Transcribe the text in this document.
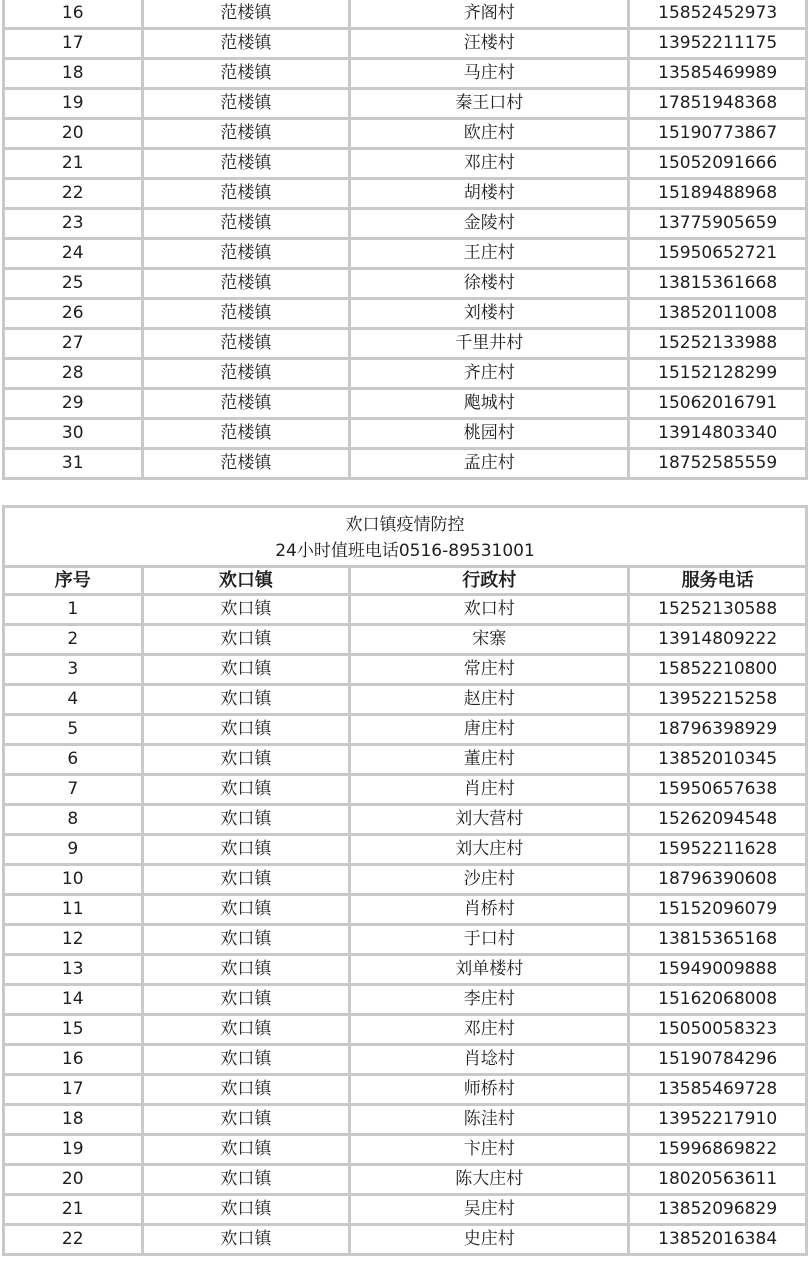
16	范楼镇	齐阁村	15852452973
17	范楼镇	汪楼村	13952211175
18	范楼镇	马庄村	13585469989
19	范楼镇	秦王口村	17851948368
20	范楼镇	欧庄村	15190773867
21	范楼镇	邓庄村	15052091666
22	范楼镇	胡楼村	15189488968
23	范楼镇	金陵村	13775905659
24	范楼镇	王庄村	15950652721
25	范楼镇	徐楼村	13815361668
26	范楼镇	刘楼村	13852011008
27	范楼镇	千里井村	15252133988
28	范楼镇	齐庄村	15152128299
29	范楼镇	飑城村	15062016791
30	范楼镇	桃园村	13914803340
31	范楼镇	孟庄村	18752585559
欢口镇疫情防控
24小时值班电话0516-89531001			

序号	欢口镇	行政村	服务电话
1	欢口镇	欢口村	15252130588
2	欢口镇	宋寨	13914809222
3	欢口镇	常庄村	15852210800
4	欢口镇	赵庄村	13952215258
5	欢口镇	唐庄村	18796398929
6	欢口镇	董庄村	13852010345
7	欢口镇	肖庄村	15950657638
8	欢口镇	刘大营村	15262094548
9	欢口镇	刘大庄村	15952211628
10	欢口镇	沙庄村	18796390608
11	欢口镇	肖桥村	15152096079
12	欢口镇	于口村	13815365168
13	欢口镇	刘单楼村	15949009888
14	欢口镇	李庄村	15162068008
15	欢口镇	邓庄村	15050058323
16	欢口镇	肖埝村	15190784296
17	欢口镇	师桥村	13585469728
18	欢口镇	陈洼村	13952217910
19	欢口镇	卞庄村	15996869822
20	欢口镇	陈大庄村	18020563611
21	欢口镇	吴庄村	13852096829
22	欢口镇	史庄村	13852016384
